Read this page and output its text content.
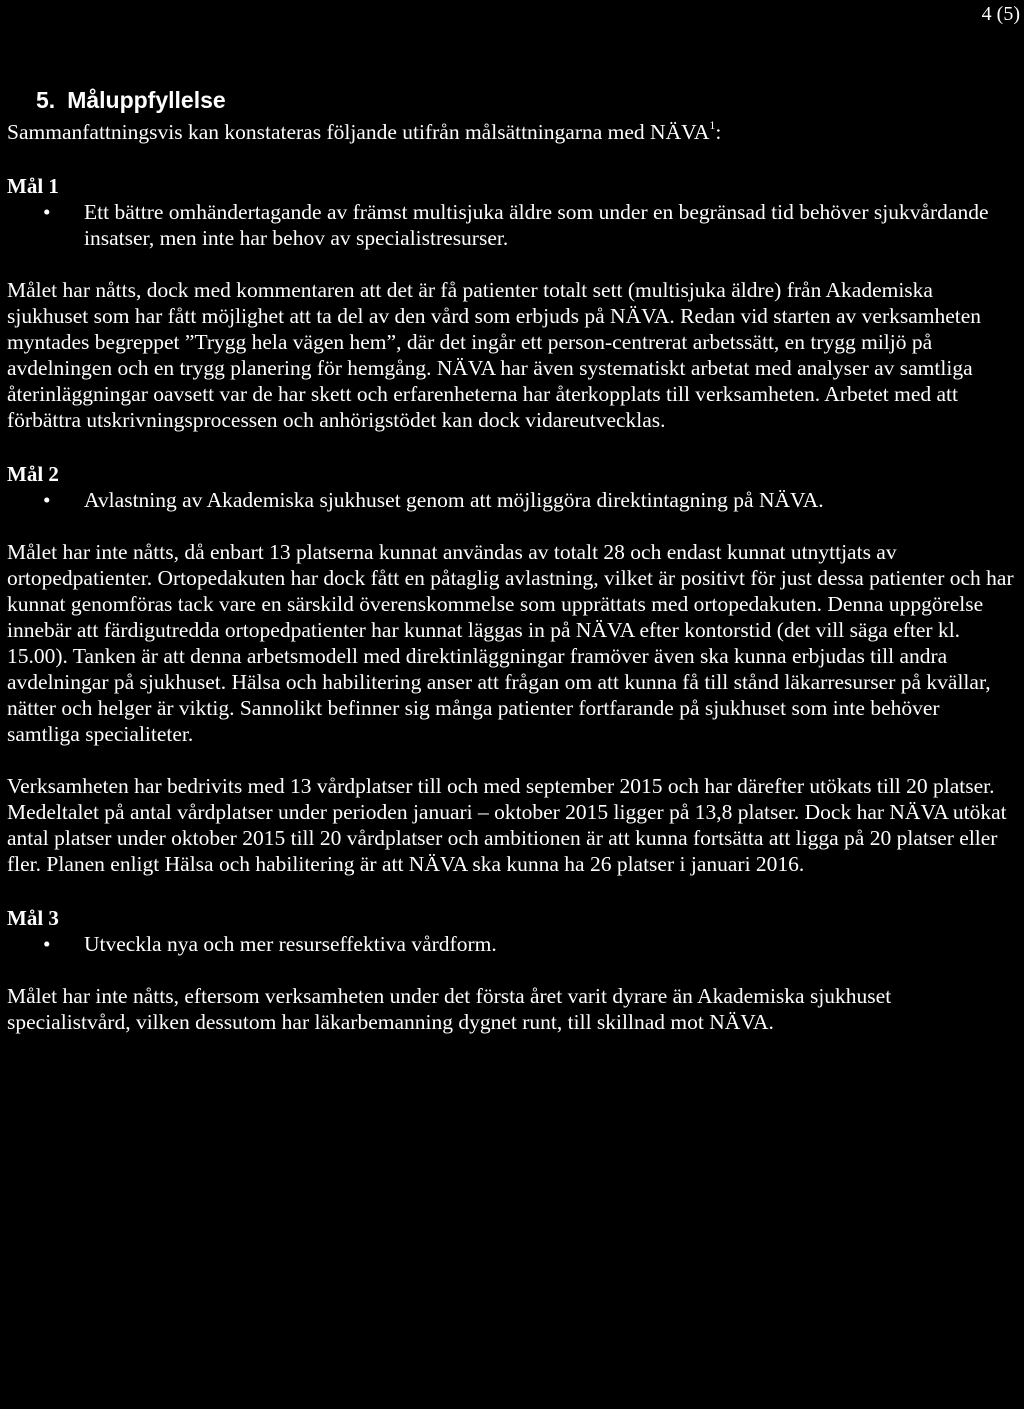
4 (5)
5. Måluppfyllelse

Sammanfattningsvis kan konstateras följande utifrån målsättningarna med NÄVA$^1$:

Mål 1
• Ett bättre omhändertagande av främst multisjuka äldre som under en begränsad tid behöver sjukvårdande insatser, men inte har behov av specialistresurser.

Målet har nåtts, dock med kommentaren att det är få patienter totalt sett (multisjuka äldre) från Akademiska sjukhuset som har fått möjlighet att ta del av den vård som erbjuds på NÄVA. Redan vid starten av verksamheten myntades begreppet ”Trygg hela vägen hem”, där det ingår ett person-centrerat arbetssätt, en trygg miljö på avdelningen och en trygg planering för hemgång. NÄVA har även systematiskt arbetat med analyser av samtliga återinläggningar oavsett var de har skett och erfarenheterna har återkopplats till verksamheten. Arbetet med att förbättra utskrivningsprocessen och anhörigstödet kan dock vidareutvecklas.

Mål 2
• Avlastning av Akademiska sjukhuset genom att möjliggöra direktintagning på NÄVA.

Målet har inte nåtts, då enbart 13 platserna kunnat användas av totalt 28 och endast kunnat utnyttjats av ortopedpatienter. Ortopedakuten har dock fått en påtaglig avlastning, vilket är positivt för just dessa patienter och har kunnat genomföras tack vare en särskild överenskommelse som upprättats med ortopedakuten. Denna uppgörelse innebär att färdigutredda ortopedpatienter har kunnat läggas in på NÄVA efter kontorstid (det vill säga efter kl. 15.00). Tanken är att denna arbetsmodell med direktinläggningar framöver även ska kunna erbjudas till andra avdelningar på sjukhuset. Hälsa och habilitering anser att frågan om att kunna få till stånd läkarresurser på kvällar, nätter och helger är viktig. Sannolikt befinner sig många patienter fortfarande på sjukhuset som inte behöver samtliga specialiteter.

Verksamheten har bedrivits med 13 vårdplatser till och med september 2015 och har därefter utökats till 20 platser. Medeltalet på antal vårdplatser under perioden januari – oktober 2015 ligger på 13,8 platser. Dock har NÄVA utökat antal platser under oktober 2015 till 20 vårdplatser och ambitionen är att kunna fortsätta att ligga på 20 platser eller fler. Planen enligt Hälsa och habilitering är att NÄVA ska kunna ha 26 platser i januari 2016.

Mål 3
• Utveckla nya och mer resurseffektiva vårdform.

Målet har inte nåtts, eftersom verksamheten under det första året varit dyrare än Akademiska sjukhuset specialistvård, vilken dessutom har läkarbemanning dygnet runt, till skillnad mot NÄVA.
